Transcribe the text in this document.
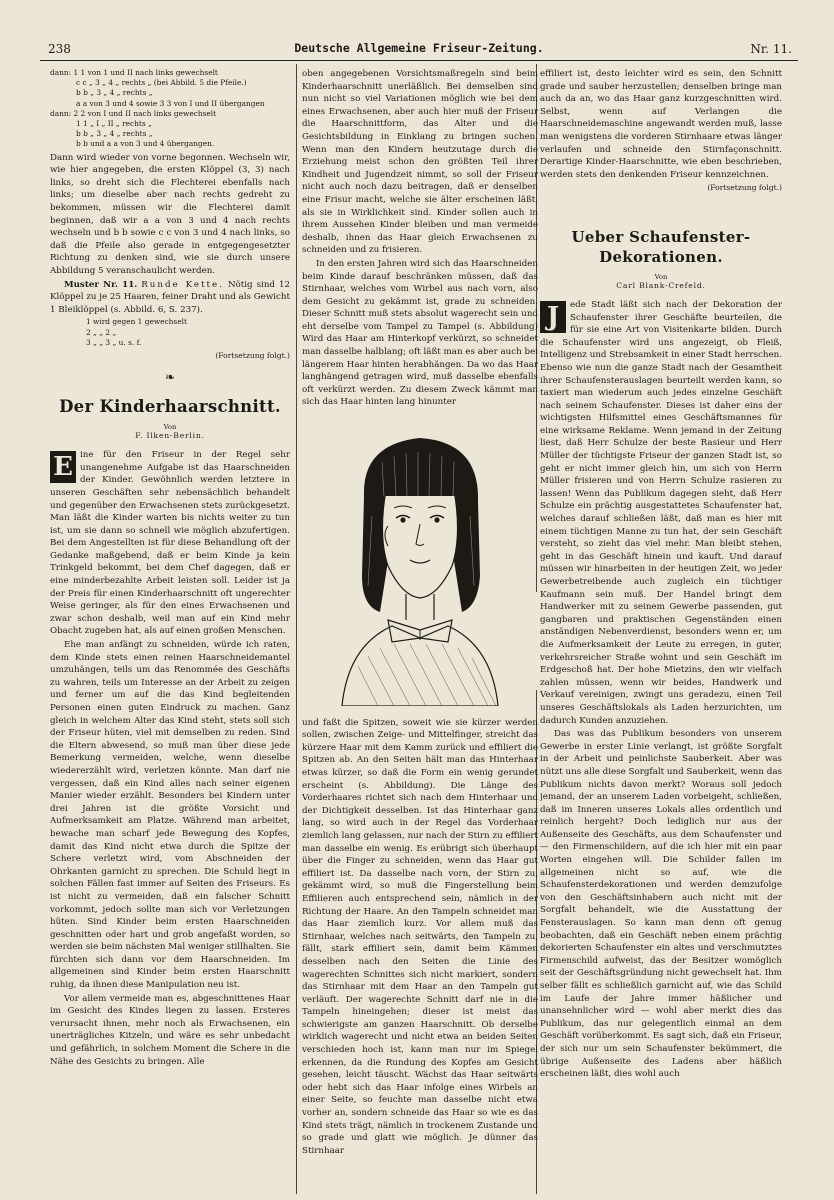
238	Deutsche Allgemeine Friseur-Zeitung.	Nr. 11.
dann: 1 1 von 1 und II nach links gewechselt
c c „ 3 „ 4 „ rechts „ (bei Abbild. 5 die Pfeile.)
b b „ 3 „ 4 „ rechts „
a a von 3 und 4 sowie 3 3 von I und II übergangen
dann: 2 2 von I und II nach links gewechselt
1 1 „ I „ II „ rechts „
b b „ 3 „ 4 „ rechts „
b b und a a von 3 und 4 übergangen.

Dann wird wieder von vorne begonnen. Wechseln wir, wie hier angegeben, die ersten Klöppel (3, 3) nach links, so dreht sich die Flechterei ebenfalls nach links; um dieselbe aber nach rechts gedreht zu bekommen, müssen wir die Flechterei damit beginnen, daß wir a a von 3 und 4 nach rechts wechseln und b b sowie c c von 3 und 4 nach links, so daß die Pfeile also gerade in entgegengesetzter Richtung zu denken sind, wie sie durch unsere Abbildung 5 veranschaulicht werden.

Muster Nr. 11. Runde Kette. Nötig sind 12 Klöppel zu je 25 Haaren, feiner Draht und als Gewicht 1 Bleiklöppel (s. Abbild. 6, S. 237).

1 wird gegen 1 gewechselt
2 „ „ 2 „
3 „ „ 3 „ u. s. f.
(Fortsetzung folgt.)
❧
Der Kinderhaarschnitt.
Von
F. Ilken-Berlin.

E ine für den Friseur in der Regel sehr unangenehme Aufgabe ist das Haarschneiden der Kinder. Gewöhnlich werden letztere in unseren Geschäften sehr nebensächlich behandelt und gegenüber den Erwachsenen stets zurückgesetzt. Man läßt die Kinder warten bis nichts weiter zu tun ist, um sie dann so schnell wie möglich abzufertigen. Bei dem Angestellten ist für diese Behandlung oft der Gedanke maßgebend, daß er beim Kinde ja kein Trinkgeld bekommt, bei dem Chef dagegen, daß er eine minderbezahlte Arbeit leisten soll. Leider ist ja der Preis für einen Kinderhaarschnitt oft ungerechter Weise geringer, als für den eines Erwachsenen und zwar schon deshalb, weil man auf ein Kind mehr Obacht zugeben hat, als auf einen großen Menschen.

Ehe man anfängt zu schneiden, würde ich raten, dem Kinde stets einen reinen Haarschneidemantel umzuhängen, teils um das Renommée des Geschäfts zu wahren, teils um Interesse an der Arbeit zu zeigen und ferner um auf die das Kind begleitenden Personen einen guten Eindruck zu machen. Ganz gleich in welchem Alter das Kind steht, stets soll sich der Friseur hüten, viel mit demselben zu reden. Sind die Eltern abwesend, so muß man über diese jede Bemerkung vermeiden, welche, wenn dieselbe wiedererzählt wird, verletzen könnte. Man darf nie vergessen, daß ein Kind alles nach seiner eigenen Manier wieder erzählt. Besonders bei Kindern unter drei Jahren ist die größte Vorsicht und Aufmerksamkeit am Platze. Während man arbeitet, bewache man scharf jede Bewegung des Kopfes, damit das Kind nicht etwa durch die Spitze der Schere verletzt wird, vom Abschneiden der Ohrkanten garnicht zu sprechen. Die Schuld liegt in solchen Fällen fast immer auf Seiten des Friseurs. Es ist nicht zu vermeiden, daß ein falscher Schnitt vorkommt, jedoch sollte man sich vor Verletzungen hüten. Sind Kinder beim ersten Haarschneiden geschnitten oder hart und grob angefaßt worden, so werden sie beim nächsten Mal weniger stillhalten. Sie fürchten sich dann vor dem Haarschneiden. Im allgemeinen sind Kinder beim ersten Haarschnitt ruhig, da ihnen diese Manipulation neu ist.

Vor allem vermeide man es, abgeschnittenes Haar im Gesicht des Kindes liegen zu lassen. Ersteres verursacht ihnen, mehr noch als Erwachsenen, ein unerträgliches Kitzeln, und wäre es sehr unbedacht und gefährlich, in solchem Moment die Schere in die Nähe des Gesichts zu bringen. Alle

oben angegebenen Vorsichtsmaßregeln sind beim Kinderhaarschnitt unerläßlich. Bei demselben sind nun nicht so viel Variationen möglich wie bei dem eines Erwachsenen, aber auch hier muß der Friseur die Haarschnittform, das Alter und die Gesichtsbildung in Einklang zu bringen suchen. Wenn man den Kindern heutzutage durch die Erziehung meist schon den größten Teil ihrer Kindheit und Jugendzeit nimmt, so soll der Friseur nicht auch noch dazu beitragen, daß er denselben eine Frisur macht, welche sie älter erscheinen läßt, als sie in Wirklichkeit sind. Kinder sollen auch in ihrem Aussehen Kinder bleiben und man vermeide deshalb, ihnen das Haar gleich Erwachsenen zu schneiden und zu frisieren.

In den ersten Jahren wird sich das Haarschneiden beim Kinde darauf beschränken müssen, daß das Stirnhaar, welches vom Wirbel aus nach vorn, also dem Gesicht zu gekämmt ist, grade zu schneiden. Dieser Schnitt muß stets absolut wagerecht sein und eht derselbe vom Tampel zu Tampel (s. Abbildung) Wird das Haar am Hinterkopf verkürzt, so schneidet man dasselbe halblang; oft läßt man es aber auch bei längerem Haar hinten herabhängen. Da wo das Haar langhängend getragen wird, muß dasselbe ebenfalls oft verkürzt werden. Zu diesem Zweck kämmt man sich das Haar hinten lang hinunter

und faßt die Spitzen, soweit wie sie kürzer werden sollen, zwischen Zeige- und Mittelfinger, streicht das kürzere Haar mit dem Kamm zurück und effiliert die Spitzen ab. An den Seiten hält man das Hinterhaar etwas kürzer, so daß die Form ein wenig gerundet erscheint (s. Abbildung). Die Länge des Vorderhaares richtet sich nach dem Hinterhaar und der Dichtigkeit desselben. Ist das Hinterhaar ganz lang, so wird auch in der Regel das Vorderhaar ziemlich lang gelassen, nur nach der Stirn zu effiliert man dasselbe ein wenig. Es erübrigt sich überhaupt über die Finger zu schneiden, wenn das Haar gut effiliert ist. Da dasselbe nach vorn, der Stirn zu, gekämmt wird, so muß die Fingerstellung beim Effilieren auch entsprechend sein, nämlich in der Richtung der Haare. An den Tampeln schneidet man das Haar ziemlich kurz. Vor allem muß das Stirnhaar, welches nach seitwärts, den Tampeln zu, fällt, stark effiliert sein, damit beim Kämmen desselben nach den Seiten die Linie des wagerechten Schnittes sich nicht markiert, sondern das Stirnhaar mit dem Haar an den Tampeln gut verläuft. Der wagerechte Schnitt darf nie in die Tampeln hineingehen; dieser ist meist das schwierigste am ganzen Haarschnitt. Ob derselbe wirklich wagerecht und nicht etwa an beiden Seiten verschieden hoch ist, kann man nur im Spiegel erkennen, da die Rundung des Kopfes am Gesicht gesehen, leicht täuscht. Wächst das Haar seitwärts oder hebt sich das Haar infolge eines Wirbels an einer Seite, so feuchte man dasselbe nicht etwa vorher an, sondern schneide das Haar so wie es das Kind stets trägt, nämlich in trockenem Zustande und so grade und glatt wie möglich. Je dünner das Stirnhaar

effiliert ist, desto leichter wird es sein, den Schnitt grade und sauber herzustellen; denselben bringe man auch da an, wo das Haar ganz kurzgeschnitten wird. Selbst, wenn auf Verlangen die Haarschneidemaschine angewandt werden muß, lasse man wenigstens die vorderen Stirnhaare etwas länger verlaufen und schneide den Stirnfaçonschnitt. Derartige Kinder-Haarschnitte, wie eben beschrieben, werden stets den denkenden Friseur kennzeichnen.

(Fortsetzung folgt.)
Ueber Schaufenster-Dekorationen.
Von
Carl Blank-Crefeld.

J	ede Stadt läßt sich nach der Dekoration der Schaufenster ihrer Geschäfte beurteilen, die für sie eine Art von Visitenkarte bilden. Durch die Schaufenster wird uns angezeigt, ob Fleiß, Intelligenz und Strebsamkeit in einer Stadt herrschen. Ebenso wie nun die ganze Stadt nach der Gesamtheit ihrer Schaufensterauslagen beurteilt werden kann, so taxiert man wiederum auch jedes einzelne Geschäft nach seinem Schaufenster. Dieses ist daher eins der wichtigsten Hilfsmittel eines Geschäftsmannes für eine wirksame Reklame. Wenn jemand in der Zeitung liest, daß Herr Schulze der beste Rasieur und Herr Müller der tüchtigste Friseur der ganzen Stadt ist, so geht er nicht immer gleich hin, um sich von Herrn Müller frisieren und von Herrn Schulze rasieren zu lassen! Wenn das Publikum dagegen sieht, daß Herr Schulze ein prächtig ausgestattetes Schaufenster hat, welches darauf schließen läßt, daß man es hier mit einem tüchtigen Manne zu tun hat, der sein Geschäft versteht, so zieht das viel mehr. Man bleibt stehen, geht in das Geschäft hinein und kauft. Und darauf müssen wir hinarbeiten in der heutigen Zeit, wo jeder Gewerbetreibende auch zugleich ein tüchtiger Kaufmann sein muß. Der Handel bringt dem Handwerker mit zu seinem Gewerbe passenden, gut gangbaren und praktischen Gegenständen einen anständigen Nebenverdienst, besonders wenn er, um die Aufmerksamkeit der Leute zu erregen, in guter, verkehrsreicher Straße wohnt und sein Geschäft im Erdgeschoß hat. Der hohe Mietzins, den wir vielfach zahlen müssen, wenn wir beides, Handwerk und Verkauf vereinigen, zwingt uns geradezu, einen Teil unseres Geschäftslokals als Laden herzurichten, um dadurch Kunden anzuziehen.

Das was das Publikum besonders von unserem Gewerbe in erster Linie verlangt, ist größte Sorgfalt in der Arbeit und peinlichste Sauberkeit. Aber was nützt uns alle diese Sorgfalt und Sauberkeit, wenn das Publikum nichts davon merkt? Woraus soll jedoch jemand, der an unserem Laden vorbeigeht, schließen, daß im Inneren unseres Lokals alles ordentlich und reinlich hergeht? Doch lediglich nur aus der Außenseite des Geschäfts, aus dem Schaufenster und — den Firmenschildern, auf die ich hier mit ein paar Worten eingehen will. Die Schilder fallen im allgemeinen nicht so auf, wie die Schaufensterdekorationen und werden demzufolge von den Geschäftsinhabern auch nicht mit der Sorgfalt behandelt, wie die Ausstattung der Fensterauslagen. So kann man denn oft genug beobachten, daß ein Geschäft neben einem prächtig dekorierten Schaufenster ein altes und verschmutztes Firmenschild aufweist, das der Besitzer womöglich seit der Geschäftsgründung nicht gewechselt hat. Ihm selber fällt es schließlich garnicht auf, wie das Schild im Laufe der Jahre immer häßlicher und unansehnlicher wird — wohl aber merkt dies das Publikum, das nur gelegentlich einmal an dem Geschäft vorüberkommt. Es sagt sich, daß ein Friseur, der sich nur um sein Schaufenster bekümmert, die übrige Außenseite des Ladens aber häßlich erscheinen läßt, dies wohl auch
